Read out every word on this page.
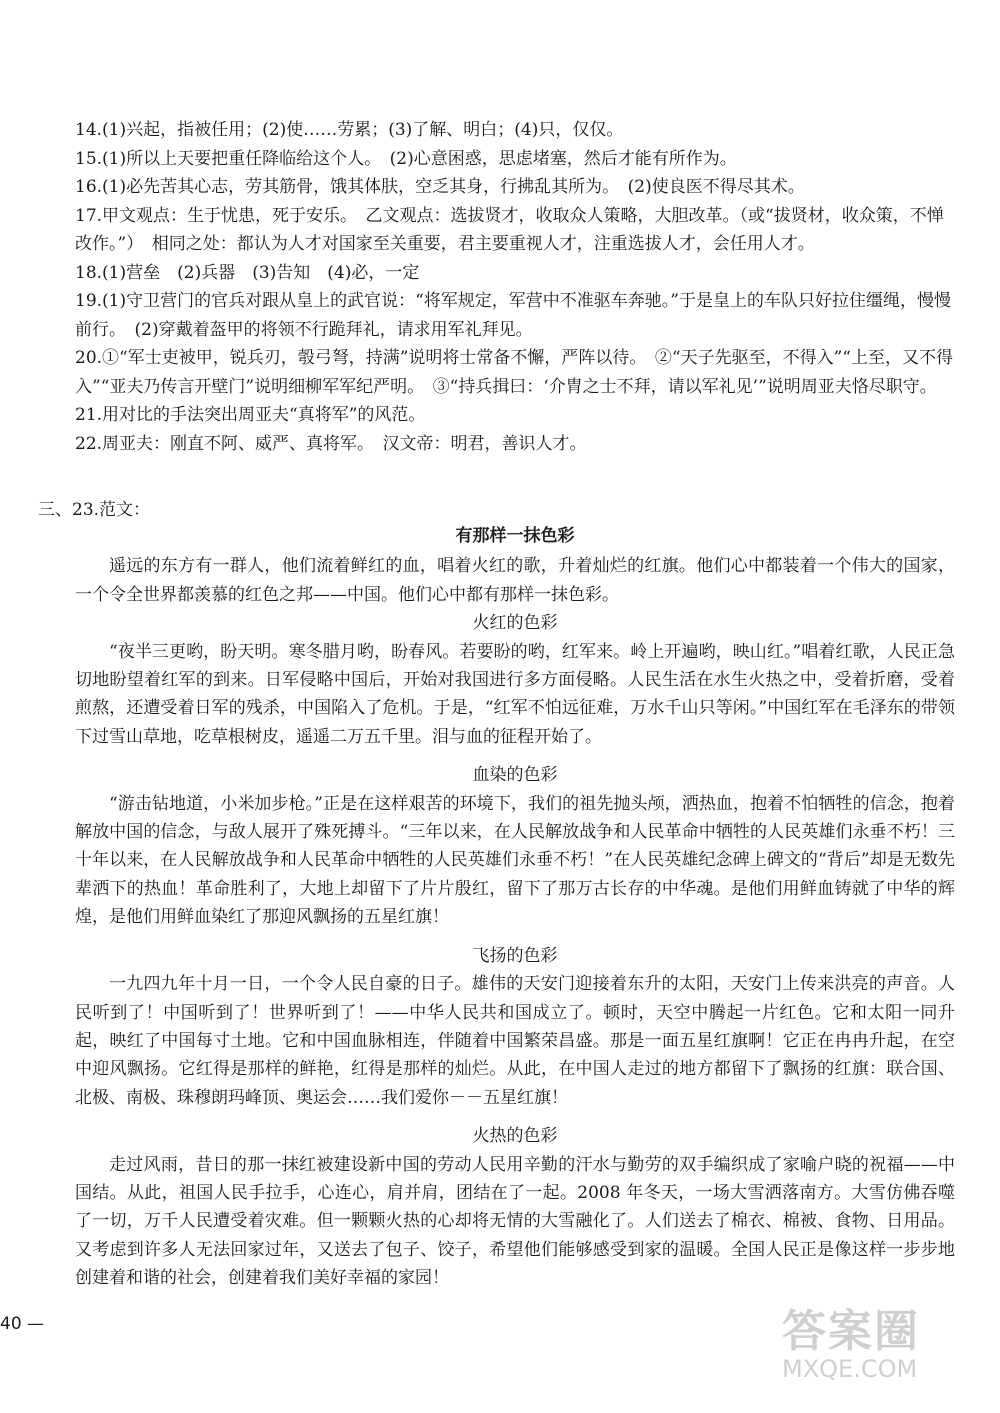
14.(1)兴起，指被任用；(2)使……劳累；(3)了解、明白；(4)只，仅仅。
15.(1)所以上天要把重任降临给这个人。　(2)心意困惑，思虑堵塞，然后才能有所作为。
16.(1)必先苦其心志，劳其筋骨，饿其体肤，空乏其身，行拂乱其所为。　(2)使良医不得尽其术。
17.甲文观点：生于忧患，死于安乐。　乙文观点：选拔贤才，收取众人策略，大胆改革。（或“拔贤材，收众策，不惮改作。”）　相同之处：都认为人才对国家至关重要，君主要重视人才，注重选拔人才，会任用人才。
18.(1)营垒　(2)兵器　(3)告知　(4)必，一定
19.(1)守卫营门的官兵对跟从皇上的武官说：“将军规定，军营中不准驱车奔驰。”于是皇上的车队只好拉住缰绳，慢慢前行。　(2)穿戴着盔甲的将领不行跪拜礼，请求用军礼拜见。
20.①“军士吏被甲，锐兵刃，彀弓弩，持满”说明将士常备不懈，严阵以待。　②“天子先驱至，不得入”“上至，又不得入”“亚夫乃传言开壁门”说明细柳军军纪严明。　③“持兵揖曰：‘介胄之士不拜，请以军礼见’”说明周亚夫恪尽职守。
21.用对比的手法突出周亚夫“真将军”的风范。
22.周亚夫：刚直不阿、威严、真将军。　汉文帝：明君，善识人才。
三、23.范文：
有那样一抹色彩

遥远的东方有一群人，他们流着鲜红的血，唱着火红的歌，升着灿烂的红旗。他们心中都装着一个伟大的国家，一个令全世界都羡慕的红色之邦——中国。他们心中都有那样一抹色彩。

火红的色彩

“夜半三更哟，盼天明。寒冬腊月哟，盼春风。若要盼的哟，红军来。岭上开遍哟，映山红。”唱着红歌，人民正急切地盼望着红军的到来。日军侵略中国后，开始对我国进行多方面侵略。人民生活在水生火热之中，受着折磨，受着煎熬，还遭受着日军的残杀，中国陷入了危机。于是，“红军不怕远征难，万水千山只等闲。”中国红军在毛泽东的带领下过雪山草地，吃草根树皮，遥遥二万五千里。泪与血的征程开始了。

血染的色彩

“游击钻地道，小米加步枪。”正是在这样艰苦的环境下，我们的祖先抛头颅，洒热血，抱着不怕牺牲的信念，抱着解放中国的信念，与敌人展开了殊死搏斗。“三年以来，在人民解放战争和人民革命中牺牲的人民英雄们永垂不朽！三十年以来，在人民解放战争和人民革命中牺牲的人民英雄们永垂不朽！”在人民英雄纪念碑上碑文的“背后”却是无数先辈洒下的热血！革命胜利了，大地上却留下了片片殷红，留下了那万古长存的中华魂。是他们用鲜血铸就了中华的辉煌，是他们用鲜血染红了那迎风飘扬的五星红旗！

飞扬的色彩

一九四九年十月一日，一个令人民自豪的日子。雄伟的天安门迎接着东升的太阳，天安门上传来洪亮的声音。人民听到了！中国听到了！世界听到了！——中华人民共和国成立了。顿时，天空中腾起一片红色。它和太阳一同升起，映红了中国每寸土地。它和中国血脉相连，伴随着中国繁荣昌盛。那是一面五星红旗啊！它正在冉冉升起，在空中迎风飘扬。它红得是那样的鲜艳，红得是那样的灿烂。从此，在中国人走过的地方都留下了飘扬的红旗：联合国、北极、南极、珠穆朗玛峰顶、奥运会……我们爱你－－五星红旗！

火热的色彩

走过风雨，昔日的那一抹红被建设新中国的劳动人民用辛勤的汗水与勤劳的双手编织成了家喻户晓的祝福——中国结。从此，祖国人民手拉手，心连心，肩并肩，团结在了一起。2008 年冬天，一场大雪洒落南方。大雪仿佛吞噬了一切，万千人民遭受着灾难。但一颗颗火热的心却将无情的大雪融化了。人们送去了棉衣、棉被、食物、日用品。又考虑到许多人无法回家过年，又送去了包子、饺子，希望他们能够感受到家的温暖。全国人民正是像这样一步步地创建着和谐的社会，创建着我们美好幸福的家园！

40 —	答案圈
MXQE.COM
